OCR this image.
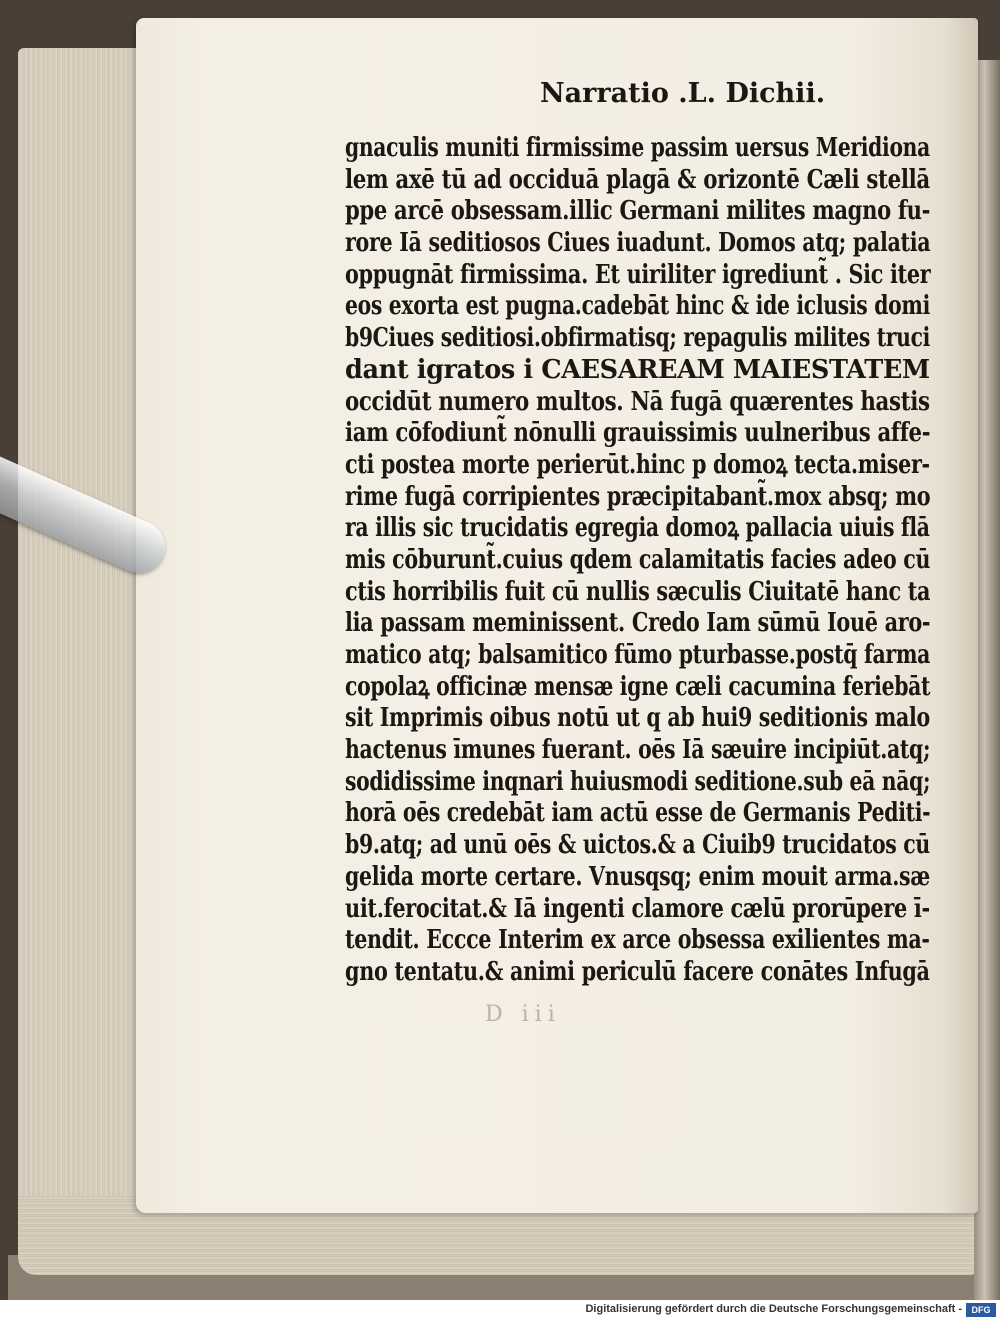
Narratio .L. Dichii.
gnaculis muniti firmissime passim uersus Meridiona
lem axē tū ad occiduā plagā & orizontē Cæli stellā
ppe arcē obsessam.illic Germani milites magno fu-
rore Iā seditiosos Ciues iuadunt. Domos atq; palatia
oppugnāt firmissima. Et uiriliter igrediunt̃ . Sic iter
eos exorta est pugna.cadebāt hinc & ide iclusis domi
b9Ciues seditiosi.obfirmatisq; repagulis milites truci
dant igratos i CAESAREAM MAIESTATEM
occidūt numero multos. Nā fugā quærentes hastis
iam cōfodiunt̃ nōnulli grauissimis uulneribus affe-
cti postea morte perierūt.hinc p domoꝝ tecta.miser-
rime fugā corripientes præcipitabant̃.mox absq; mo
ra illis sic trucidatis egregia domoꝝ pallacia uiuis flā
mis cōburunt̃.cuius qdem calamitatis facies adeo cū
ctis horribilis fuit cū nullis sæculis Ciuitatē hanc ta
lia passam meminissent. Credo Iam sūmū Iouē aro-
matico atq; balsamitico fūmo pturbasse.postq̄ farma
copolaꝝ officinæ mensæ igne cæli cacumina feriebāt
sit Imprimis oibus notū ut q ab hui9 seditionis malo
hactenus īmunes fuerant. oēs Iā sæuire incipiūt.atq;
sodidissime inqnari huiusmodi seditione.sub eā nāq;
horā oēs credebāt iam actū esse de Germanis Pediti-
b9.atq; ad unū oēs & uictos.& a Ciuib9 trucidatos cū
gelida morte certare. Vnusqsq; enim mouit arma.sæ
uit.ferocitat.& Iā ingenti clamore cælū prorūpere ī-
tendit. Eccce Interim ex arce obsessa exilientes ma-
gno tentatu.& animi periculū facere conātes Infugā
D iii
Digitalisierung gefördert durch die Deutsche Forschungsgemeinschaft -	DFG
